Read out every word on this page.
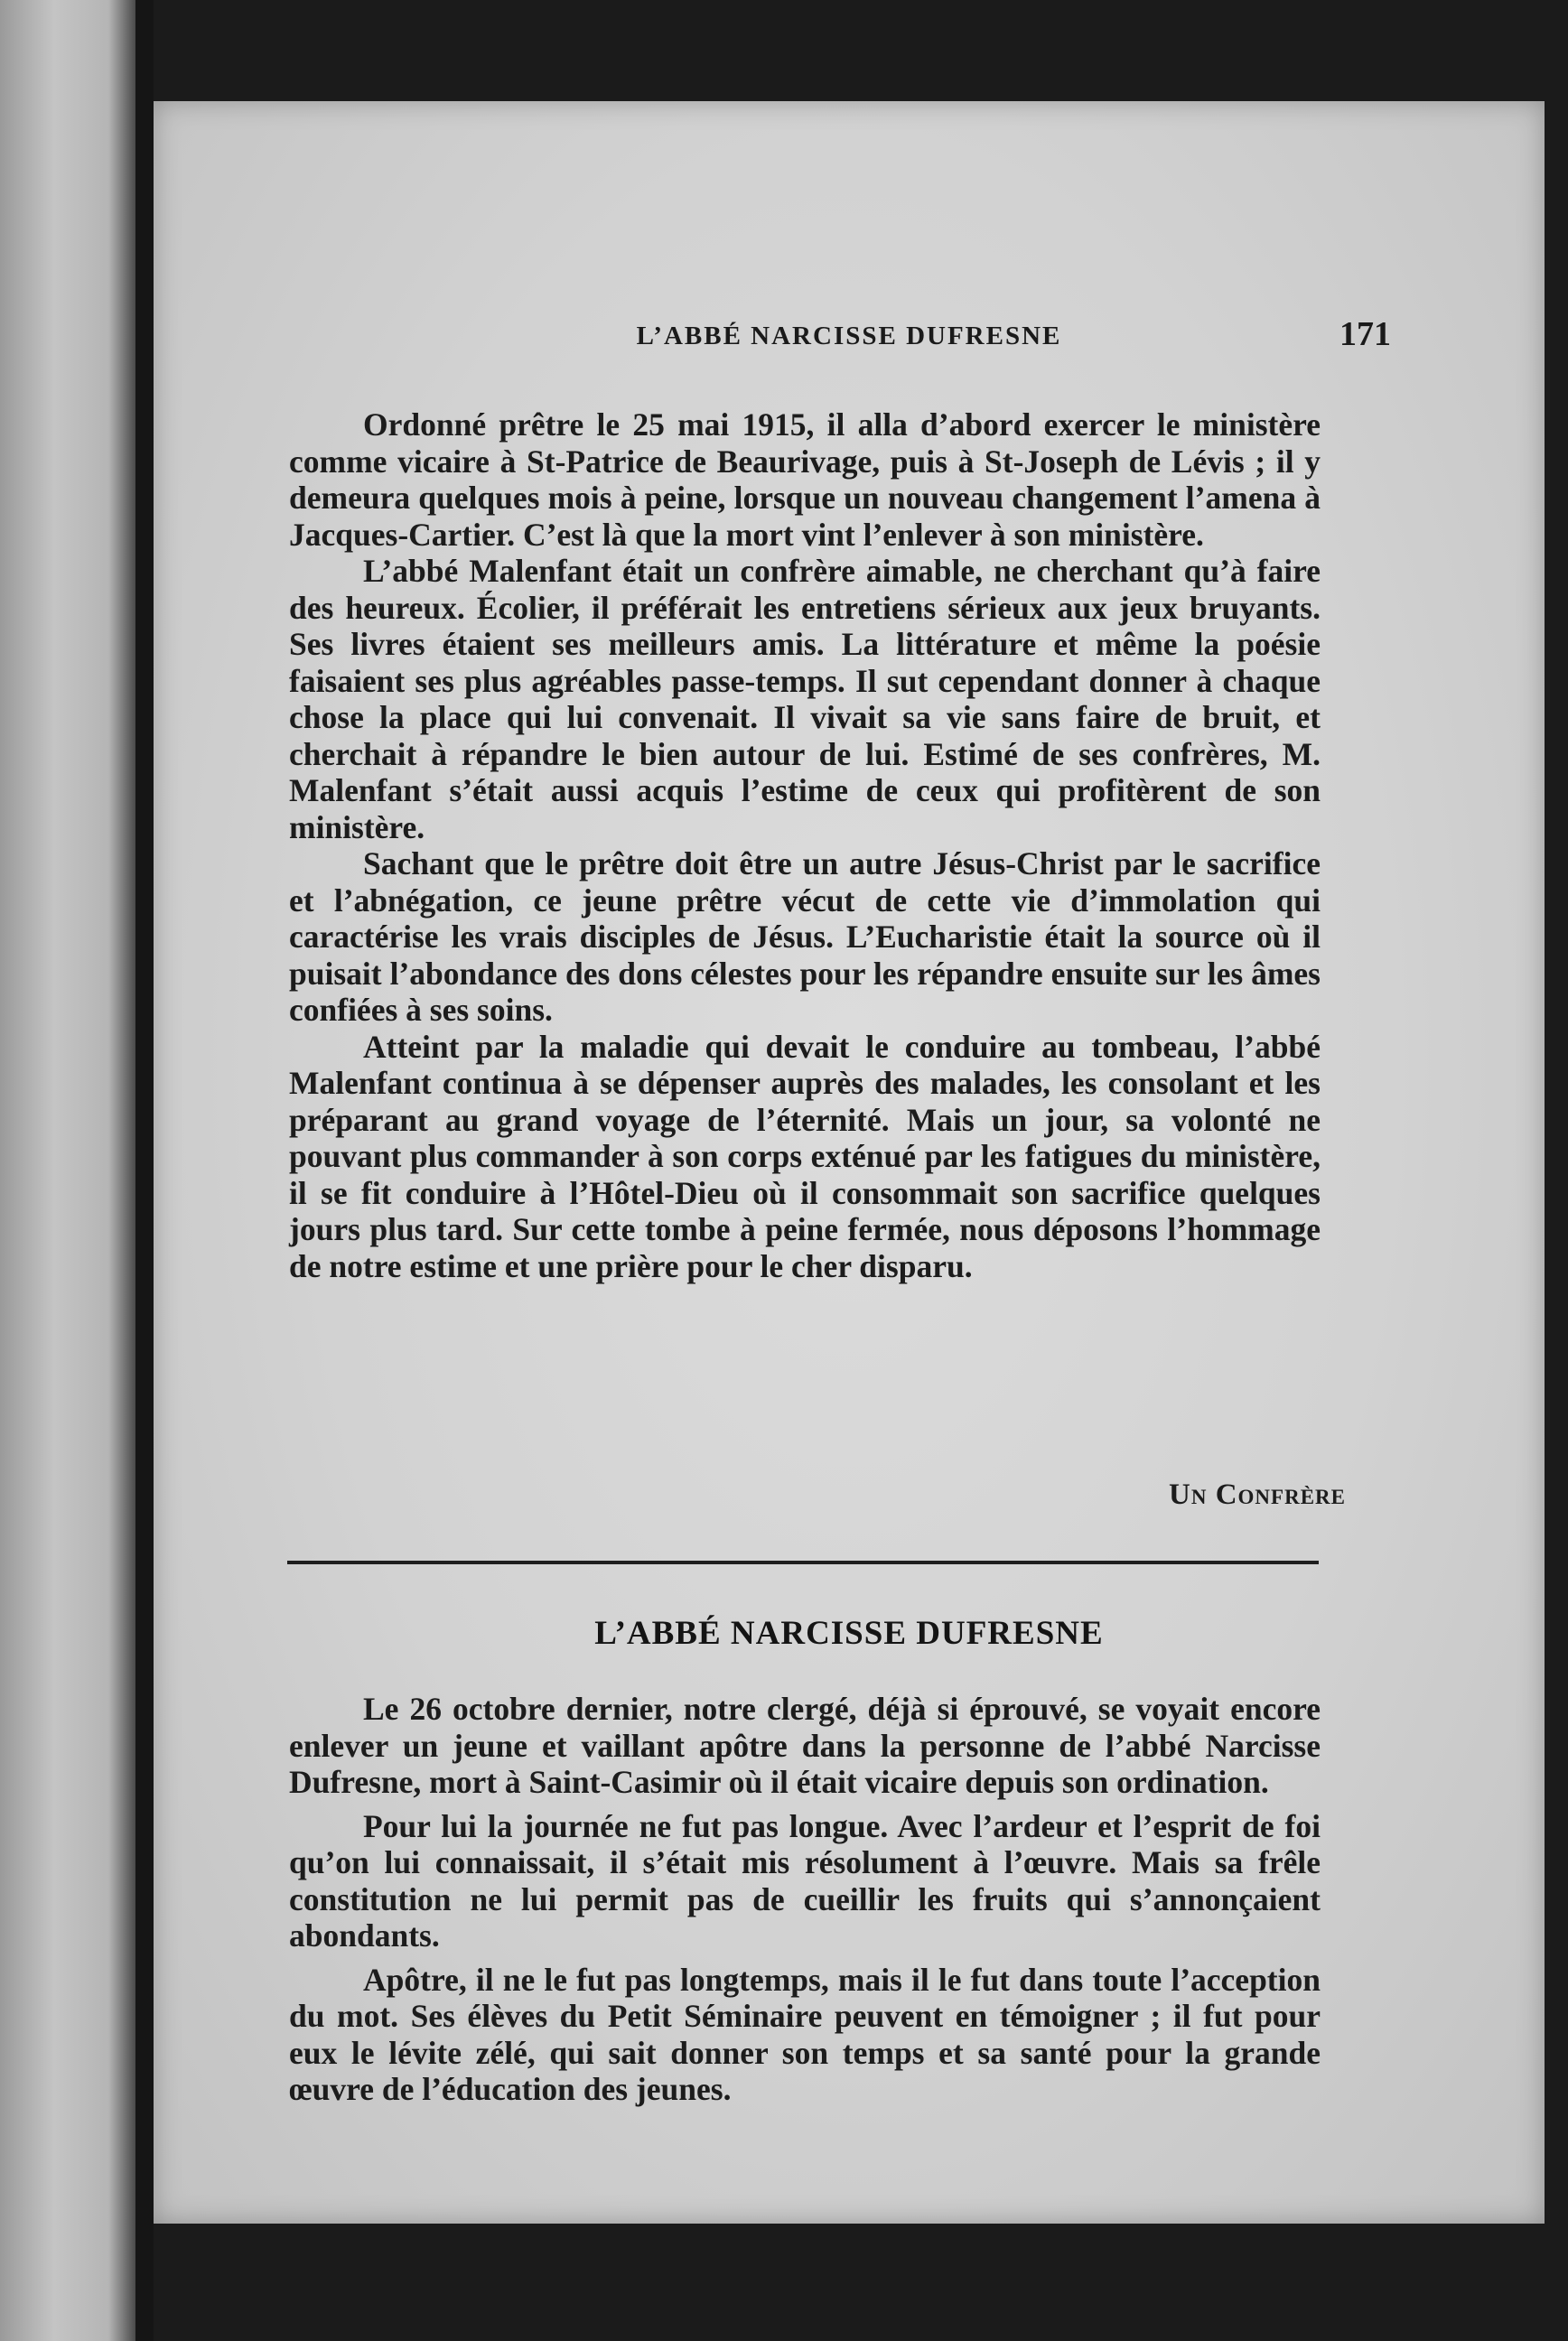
L’ABBÉ NARCISSE DUFRESNE	171

Ordonné prêtre le 25 mai 1915, il alla d’abord exercer le ministère comme vicaire à St-Patrice de Beaurivage, puis à St-Joseph de Lévis ; il y demeura quelques mois à peine, lorsque un nouveau changement l’amena à Jacques-Cartier. C’est là que la mort vint l’enlever à son ministère.

L’abbé Malenfant était un confrère aimable, ne cherchant qu’à faire des heureux. Écolier, il préférait les entretiens sérieux aux jeux bruyants. Ses livres étaient ses meilleurs amis. La littérature et même la poésie faisaient ses plus agréables passe-temps. Il sut cependant donner à chaque chose la place qui lui convenait. Il vivait sa vie sans faire de bruit, et cherchait à répandre le bien autour de lui. Estimé de ses confrères, M. Malenfant s’était aussi acquis l’estime de ceux qui profitèrent de son ministère.

Sachant que le prêtre doit être un autre Jésus-Christ par le sacrifice et l’abnégation, ce jeune prêtre vécut de cette vie d’immolation qui caractérise les vrais disciples de Jésus. L’Eucharistie était la source où il puisait l’abondance des dons célestes pour les répandre ensuite sur les âmes confiées à ses soins.

Atteint par la maladie qui devait le conduire au tombeau, l’abbé Malenfant continua à se dépenser auprès des malades, les consolant et les préparant au grand voyage de l’éternité. Mais un jour, sa volonté ne pouvant plus commander à son corps exténué par les fatigues du ministère, il se fit conduire à l’Hôtel-Dieu où il consommait son sacrifice quelques jours plus tard. Sur cette tombe à peine fermée, nous déposons l’hommage de notre estime et une prière pour le cher disparu.

Un Confrère
L’ABBÉ NARCISSE DUFRESNE

Le 26 octobre dernier, notre clergé, déjà si éprouvé, se voyait encore enlever un jeune et vaillant apôtre dans la personne de l’abbé Narcisse Dufresne, mort à Saint-Casimir où il était vicaire depuis son ordination.

Pour lui la journée ne fut pas longue. Avec l’ardeur et l’esprit de foi qu’on lui connaissait, il s’était mis résolument à l’œuvre. Mais sa frêle constitution ne lui permit pas de cueillir les fruits qui s’annonçaient abondants.

Apôtre, il ne le fut pas longtemps, mais il le fut dans toute l’acception du mot. Ses élèves du Petit Séminaire peuvent en témoigner ; il fut pour eux le lévite zélé, qui sait donner son temps et sa santé pour la grande œuvre de l’éducation des jeunes.
